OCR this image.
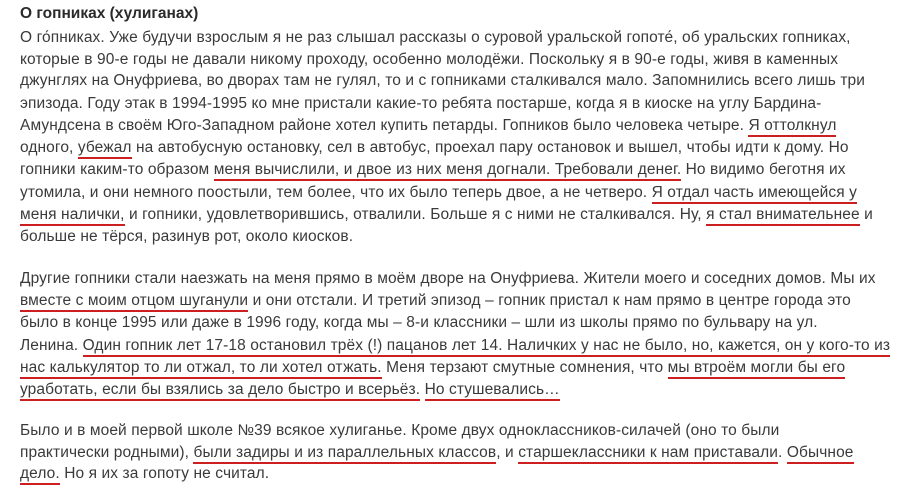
О гопниках (хулиганах)
О го́пниках. Уже будучи взрослым я не раз слышал рассказы о суровой уральской гопоте́, об уральских гопниках,
которые в 90-е годы не давали никому проходу, особенно молодёжи. Поскольку я в 90-е годы, живя в каменных
джунглях на Онуфриева, во дворах там не гулял, то и с гопниками сталкивался мало. Запомнились всего лишь три
эпизода. Году этак в 1994-1995 ко мне пристали какие-то ребята постарше, когда я в киоске на углу Бардина-
Амундсена в своём Юго-Западном районе хотел купить петарды. Гопников было человека четыре. Я оттолкнул
одного, убежал на автобусную остановку, сел в автобус, проехал пару остановок и вышел, чтобы идти к дому. Но
гопники каким-то образом меня вычислили, и двое из них меня догнали. Требовали денег. Но видимо беготня их
утомила, и они немного поостыли, тем более, что их было теперь двое, а не четверо. Я отдал часть имеющейся у
меня налички, и гопники, удовлетворившись, отвалили. Больше я с ними не сталкивался. Ну, я стал внимательнее и
больше не тёрся, разинув рот, около киосков.
Другие гопники стали наезжать на меня прямо в моём дворе на Онуфриева. Жители моего и соседних домов. Мы их
вместе с моим отцом шуганули и они отстали. И третий эпизод – гопник пристал к нам прямо в центре города это
было в конце 1995 или даже в 1996 году, когда мы – 8-и классники – шли из школы прямо по бульвару на ул.
Ленина. Один гопник лет 17-18 остановил трёх (!) пацанов лет 14. Наличких у нас не было, но, кажется, он у кого-то из
нас калькулятор то ли отжал, то ли хотел отжать. Меня терзают смутные сомнения, что мы втроём могли бы его
уработать, если бы взялись за дело быстро и всерьёз. Но стушевались…
Было и в моей первой школе №39 всякое хулиганье. Кроме двух одноклассников-силачей (оно то были
практически родными), были задиры и из параллельных классов, и старшеклассники к нам приставали. Обычное
дело. Но я их за гопоту не считал.
